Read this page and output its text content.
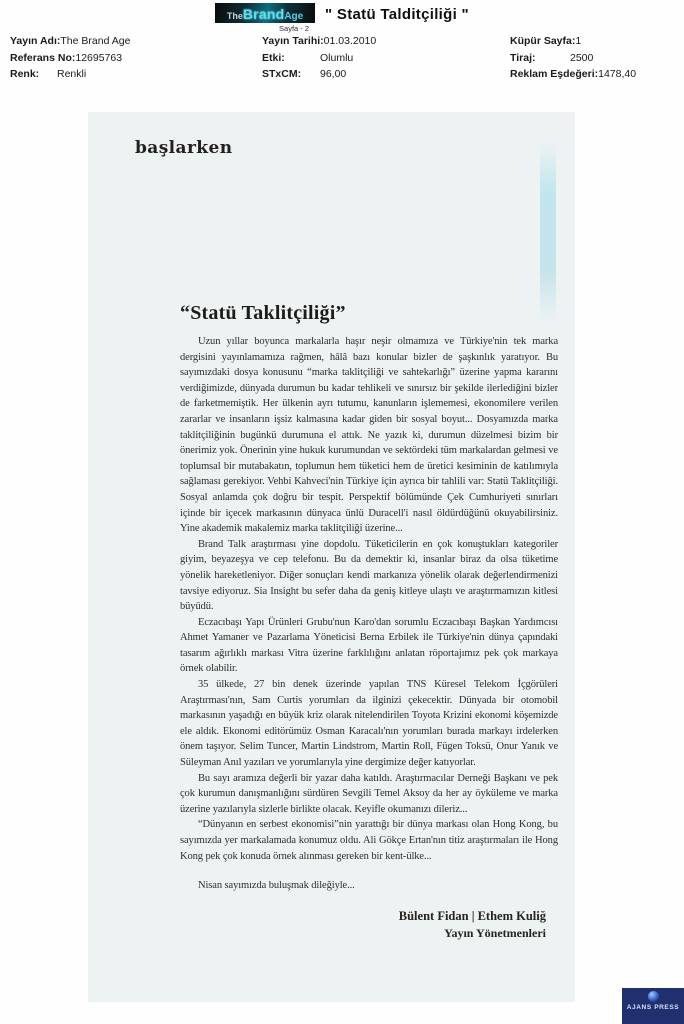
The Brand Age
Sayfa - 2
" Statü Talditçiliği "
Yayın Adı: The Brand Age
Referans No: 12695763
Renk:	Renkli
Yayın Tarihi: 01.03.2010
Etki:	Olumlu
STxCM:	96,00
Küpür Sayfa: 1
Tiraj:	2500
Reklam Eşdeğeri: 1478,40
başlarken
“Statü Taklitçiliği”

Uzun yıllar boyunca markalarla haşır neşir olmamıza ve Türkiye'nin tek marka dergisini yayınlamamıza rağmen, hâlâ bazı konular bizler de şaşkınlık yaratıyor. Bu sayımızdaki dosya konusunu “marka taklitçiliği ve sahtekarlığı” üzerine yapma kararını verdiğimizde, dünyada durumun bu kadar tehlikeli ve sınırsız bir şekilde ilerlediğini bizler de farketmemiştik. Her ülkenin ayrı tutumu, kanunların işlememesi, ekonomilere verilen zararlar ve insanların işsiz kalmasına kadar giden bir sosyal boyut... Dosyamızda marka taklitçiliğinin bugünkü durumuna el attık. Ne yazık ki, durumun düzelmesi bizim bir önerimiz yok. Önerinin yine hukuk kurumundan ve sektördeki tüm markalardan gelmesi ve toplumsal bir mutabakatın, toplumun hem tüketici hem de üretici kesiminin de katılımıyla sağlaması gerekiyor. Vehbi Kahveci'nin Türkiye için ayrıca bir tahlili var: Statü Taklitçiliği. Sosyal anlamda çok doğru bir tespit. Perspektif bölümünde Çek Cumhuriyeti sınırları içinde bir içecek markasının dünyaca ünlü Duracell'i nasıl öldürdüğünü okuyabilirsiniz. Yine akademik makalemiz marka taklitçiliği üzerine...

Brand Talk araştırması yine dopdolu. Tüketicilerin en çok konuştukları kategoriler giyim, beyazeşya ve cep telefonu. Bu da demektir ki, insanlar biraz da olsa tüketime yönelik hareketleniyor. Diğer sonuçları kendi markanıza yönelik olarak değerlendirmenizi tavsiye ediyoruz. Sia Insight bu sefer daha da geniş kitleye ulaştı ve araştırmamızın kitlesi büyüdü.

Eczacıbaşı Yapı Ürünleri Grubu'nun Karo'dan sorumlu Eczacıbaşı Başkan Yardımcısı Ahmet Yamaner ve Pazarlama Yöneticisi Berna Erbilek ile Türkiye'nin dünya çapındaki tasarım ağırlıklı markası Vitra üzerine farklılığını anlatan röportajımız pek çok markaya örnek olabilir.

35 ülkede, 27 bin denek üzerinde yapılan TNS Küresel Telekom İçgörüleri Araştırması'nın, Sam Curtis yorumları da ilginizi çekecektir. Dünyada bir otomobil markasının yaşadığı en büyük kriz olarak nitelendirilen Toyota Krizini ekonomi köşemizde ele aldık. Ekonomi editörümüz Osman Karacalı'nın yorumları burada markayı irdelerken önem taşıyor. Selim Tuncer, Martin Lindstrom, Martin Roll, Fügen Toksü, Onur Yanık ve Süleyman Anıl yazıları ve yorumlarıyla yine dergimize değer katıyorlar.

Bu sayı aramıza değerli bir yazar daha katıldı. Araştırmacılar Derneği Başkanı ve pek çok kurumun danışmanlığını sürdüren Sevgili Temel Aksoy da her ay öyküleme ve marka üzerine yazılarıyla sizlerle birlikte olacak. Keyifle okumanızı dileriz...

“Dünyanın en serbest ekonomisi”nin yarattığı bir dünya markası olan Hong Kong, bu sayımızda yer markalamada konumuz oldu. Ali Gökçe Ertan'nın titiz araştırmaları ile Hong Kong pek çok konuda örnek alınması gereken bir kent-ülke...

Nisan sayımızda buluşmak dileğiyle...

Bülent Fidan | Ethem Kuliğ
Yayın Yönetmenleri
AJANS PRESS
